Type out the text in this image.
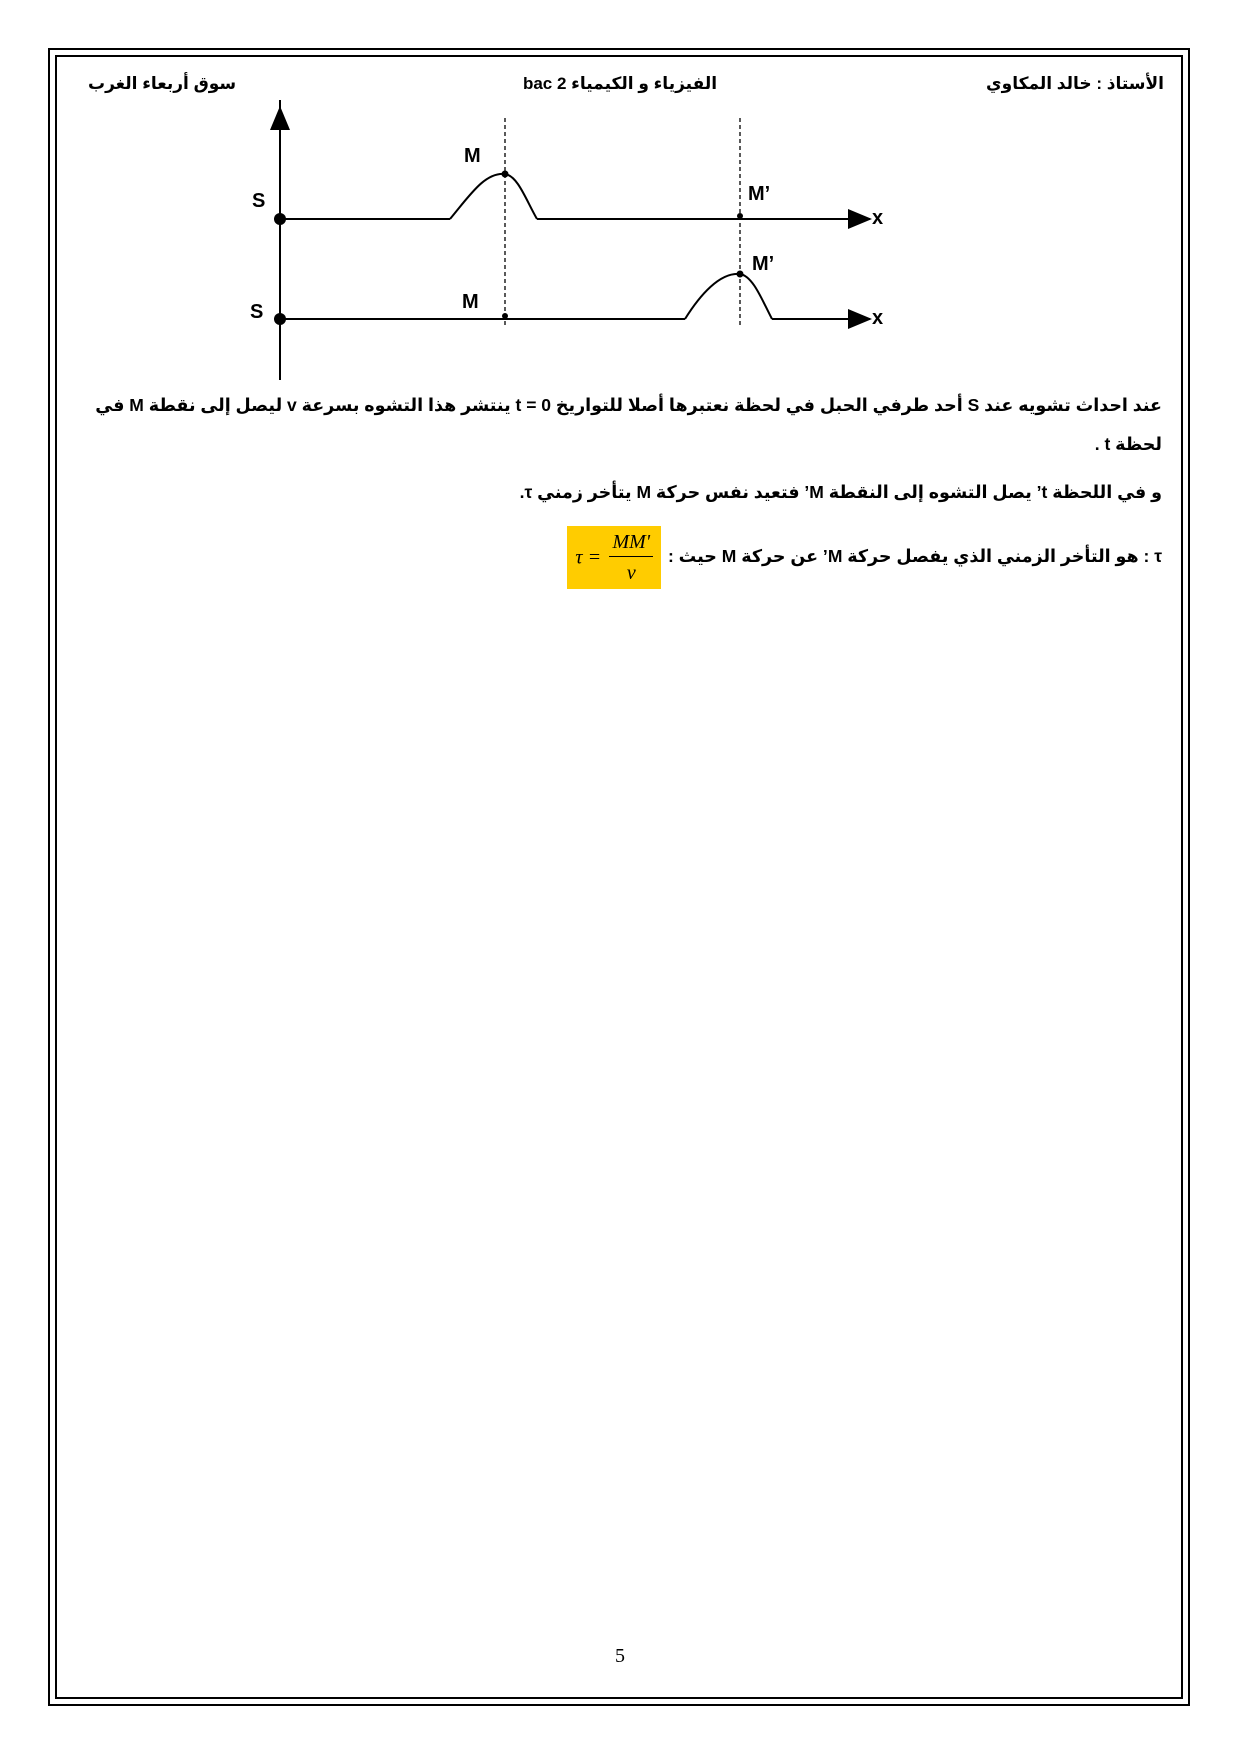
الأستاذ : خالد المكاوي
الفيزياء و الكيمياء 2 bac
سوق أربعاء الغرب
S
S
M
M’
x
M
M’
x
عند احداث تشويه عند S أحد طرفي الحبل في لحظة نعتبرها أصلا للتواريخ t = 0 ينتشر هذا التشوه بسرعة v ليصل إلى نقطة M في
لحظة t .
و في اللحظة t’ يصل التشوه إلى النقطة M’ فتعيد نفس حركة M يتأخر زمني τ.
τ : هو التأخر الزمني الذي يفصل حركة M’ عن حركة M حيث : $\tau = \frac{MM'}{v}$
5
